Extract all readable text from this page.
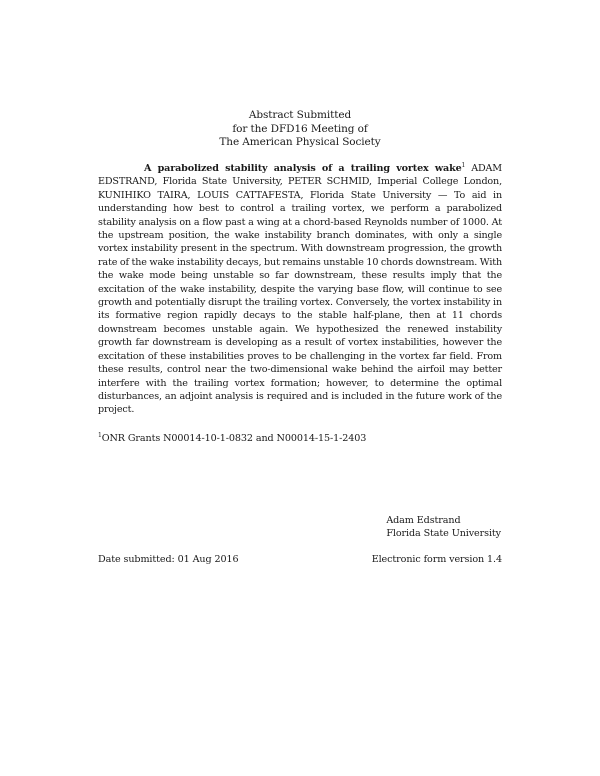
Abstract Submitted
for the DFD16 Meeting of
The American Physical Society
A parabolized stability analysis of a trailing vortex wake$^1$ ADAM EDSTRAND, Florida State University, PETER SCHMID, Imperial College London, KUNIHIKO TAIRA, LOUIS CATTAFESTA, Florida State University — To aid in understanding how best to control a trailing vortex, we perform a parabolized stability analysis on a flow past a wing at a chord-based Reynolds number of 1000. At the upstream position, the wake instability branch dominates, with only a single vortex instability present in the spectrum. With downstream progression, the growth rate of the wake instability decays, but remains unstable 10 chords downstream. With the wake mode being unstable so far downstream, these results imply that the excitation of the wake instability, despite the varying base flow, will continue to see growth and potentially disrupt the trailing vortex. Conversely, the vortex instability in its formative region rapidly decays to the stable half-plane, then at 11 chords downstream becomes unstable again. We hypothesized the renewed instability growth far downstream is developing as a result of vortex instabilities, however the excitation of these instabilities proves to be challenging in the vortex far field. From these results, control near the two-dimensional wake behind the airfoil may better interfere with the trailing vortex formation; however, to determine the optimal disturbances, an adjoint analysis is required and is included in the future work of the project.
$^1$ONR Grants N00014-10-1-0832 and N00014-15-1-2403
Adam Edstrand
Florida State University
Date submitted: 01 Aug 2016	Electronic form version 1.4
